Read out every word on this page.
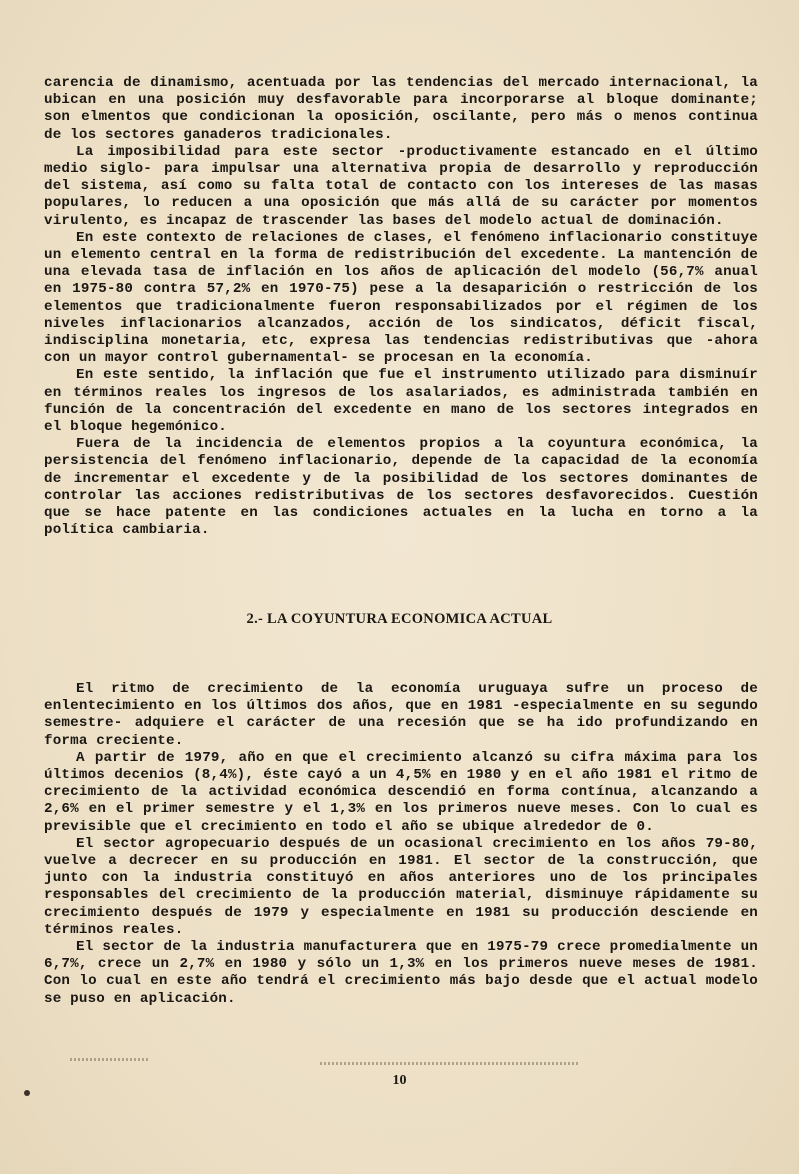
carencia de dinamismo, acentuada por las tendencias del mercado internacional, la ubican en una posición muy desfavorable para incorporarse al bloque dominante; son elmentos que condicionan la oposición, oscilante, pero más o menos continua de los sectores ganaderos tradicionales.

La imposibilidad para este sector -productivamente estancado en el último medio siglo- para impulsar una alternativa propia de desarrollo y reproducción del sistema, así como su falta total de contacto con los intereses de las masas populares, lo reducen a una oposición que más allá de su carácter por momentos virulento, es incapaz de trascender las bases del modelo actual de dominación.

En este contexto de relaciones de clases, el fenómeno inflacionario constituye un elemento central en la forma de redistribución del excedente. La mantención de una elevada tasa de inflación en los años de aplicación del modelo (56,7% anual en 1975-80 contra 57,2% en 1970-75) pese a la desaparición o restricción de los elementos que tradicionalmente fueron responsabilizados por el régimen de los niveles inflacionarios alcanzados, acción de los sindicatos, déficit fiscal, indisciplina monetaria, etc, expresa las tendencias redistributivas que -ahora con un mayor control gubernamental- se procesan en la economía.

En este sentido, la inflación que fue el instrumento utilizado para disminuír en términos reales los ingresos de los asalariados, es administrada también en función de la concentración del excedente en mano de los sectores integrados en el bloque hegemónico.

Fuera de la incidencia de elementos propios a la coyuntura económica, la persistencia del fenómeno inflacionario, depende de la capacidad de la economía de incrementar el excedente y de la posibilidad de los sectores dominantes de controlar las acciones redistributivas de los sectores desfavorecidos. Cuestión que se hace patente en las condiciones actuales en la lucha en torno a la política cambiaria.

2.- LA COYUNTURA ECONOMICA ACTUAL

El ritmo de crecimiento de la economía uruguaya sufre un proceso de enlentecimiento en los últimos dos años, que en 1981 -especialmente en su segundo semestre- adquiere el carácter de una recesión que se ha ido profundizando en forma creciente.

A partir de 1979, año en que el crecimiento alcanzó su cifra máxima para los últimos decenios (8,4%), éste cayó a un 4,5% en 1980 y en el año 1981 el ritmo de crecimiento de la actividad económica descendió en forma contínua, alcanzando a 2,6% en el primer semestre y el 1,3% en los primeros nueve meses. Con lo cual es previsible que el crecimiento en todo el año se ubique alrededor de 0.

El sector agropecuario después de un ocasional crecimiento en los años 79-80, vuelve a decrecer en su producción en 1981. El sector de la construcción, que junto con la industria constituyó en años anteriores uno de los principales responsables del crecimiento de la producción material, disminuye rápidamente su crecimiento después de 1979 y especialmente en 1981 su producción desciende en términos reales.

El sector de la industria manufacturera que en 1975-79 crece promedialmente un 6,7%, crece un 2,7% en 1980 y sólo un 1,3% en los primeros nueve meses de 1981. Con lo cual en este año tendrá el crecimiento más bajo desde que el actual modelo se puso en aplicación.

10
